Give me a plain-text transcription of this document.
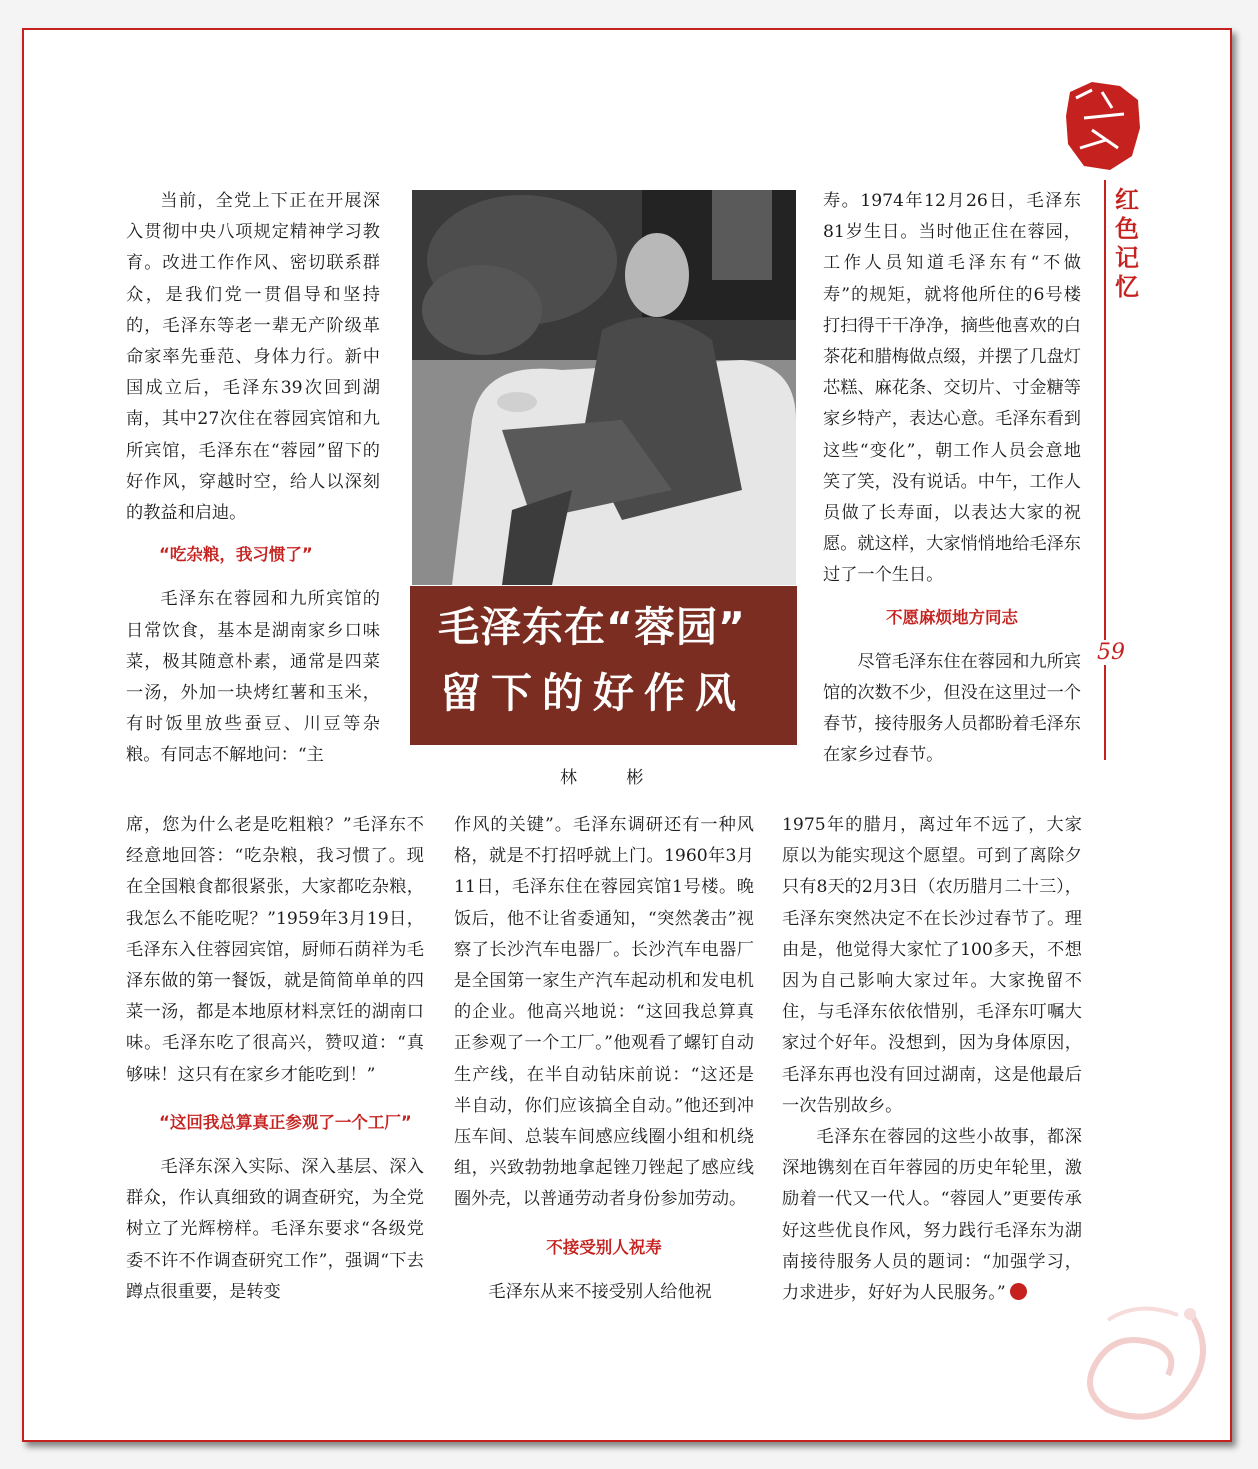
红
色
记
忆
59
毛泽东在“蓉园”
留下的好作风
林 彬

当前，全党上下正在开展深入贯彻中央八项规定精神学习教育。改进工作作风、密切联系群众，是我们党一贯倡导和坚持的，毛泽东等老一辈无产阶级革命家率先垂范、身体力行。新中国成立后，毛泽东39次回到湖南，其中27次住在蓉园宾馆和九所宾馆，毛泽东在“蓉园”留下的好作风，穿越时空，给人以深刻的教益和启迪。

“吃杂粮，我习惯了”

毛泽东在蓉园和九所宾馆的日常饮食，基本是湖南家乡口味菜，极其随意朴素，通常是四菜一汤，外加一块烤红薯和玉米，有时饭里放些蚕豆、川豆等杂粮。有同志不解地问：“主

席，您为什么老是吃粗粮？”毛泽东不经意地回答：“吃杂粮，我习惯了。现在全国粮食都很紧张，大家都吃杂粮，我怎么不能吃呢？”1959年3月19日，毛泽东入住蓉园宾馆，厨师石荫祥为毛泽东做的第一餐饭，就是简简单单的四菜一汤，都是本地原材料烹饪的湖南口味。毛泽东吃了很高兴，赞叹道：“真够味！这只有在家乡才能吃到！”

“这回我总算真正参观了一个工厂”

毛泽东深入实际、深入基层、深入群众，作认真细致的调查研究，为全党树立了光辉榜样。毛泽东要求“各级党委不许不作调查研究工作”，强调“下去蹲点很重要，是转变

作风的关键”。毛泽东调研还有一种风格，就是不打招呼就上门。1960年3月11日，毛泽东住在蓉园宾馆1号楼。晚饭后，他不让省委通知，“突然袭击”视察了长沙汽车电器厂。长沙汽车电器厂是全国第一家生产汽车起动机和发电机的企业。他高兴地说：“这回我总算真正参观了一个工厂。”他观看了螺钉自动生产线，在半自动钻床前说：“这还是半自动，你们应该搞全自动。”他还到冲压车间、总装车间感应线圈小组和机绕组，兴致勃勃地拿起锉刀锉起了感应线圈外壳，以普通劳动者身份参加劳动。

不接受别人祝寿

毛泽东从来不接受别人给他祝

寿。1974年12月26日，毛泽东81岁生日。当时他正住在蓉园，工作人员知道毛泽东有“不做寿”的规矩，就将他所住的6号楼打扫得干干净净，摘些他喜欢的白茶花和腊梅做点缀，并摆了几盘灯芯糕、麻花条、交切片、寸金糖等家乡特产，表达心意。毛泽东看到这些“变化”，朝工作人员会意地笑了笑，没有说话。中午，工作人员做了长寿面，以表达大家的祝愿。就这样，大家悄悄地给毛泽东过了一个生日。

不愿麻烦地方同志

尽管毛泽东住在蓉园和九所宾馆的次数不少，但没在这里过一个春节，接待服务人员都盼着毛泽东在家乡过春节。

1975年的腊月，离过年不远了，大家原以为能实现这个愿望。可到了离除夕只有8天的2月3日（农历腊月二十三），毛泽东突然决定不在长沙过春节了。理由是，他觉得大家忙了100多天，不想因为自己影响大家过年。大家挽留不住，与毛泽东依依惜别，毛泽东叮嘱大家过个好年。没想到，因为身体原因，毛泽东再也没有回过湖南，这是他最后一次告别故乡。

毛泽东在蓉园的这些小故事，都深深地镌刻在百年蓉园的历史年轮里，激励着一代又一代人。“蓉园人”更要传承好这些优良作风，努力践行毛泽东为湖南接待服务人员的题词：“加强学习，力求进步，好好为人民服务。”
